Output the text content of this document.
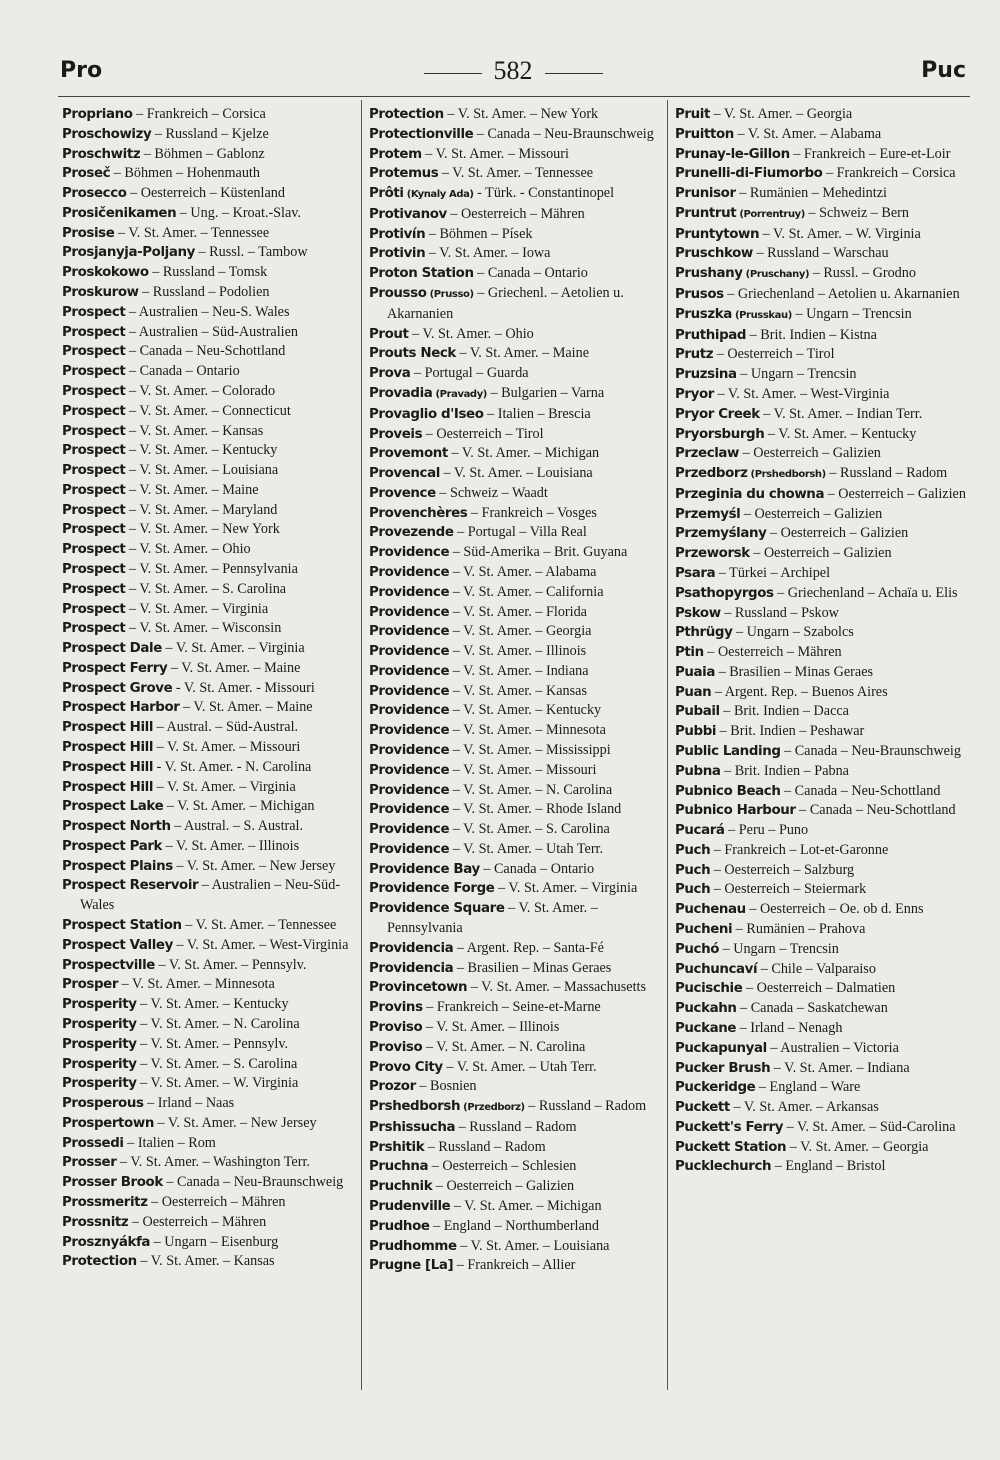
Pro	582	Puc
Propriano – Frankreich – Corsica
Proschowizy – Russland – Kjelze
Proschwitz – Böhmen – Gablonz
Proseč – Böhmen – Hohenmauth
Prosecco – Oesterreich – Küstenland
Prosičenikamen – Ung. – Kroat.-Slav.
Prosise – V. St. Amer. – Tennessee
Prosjanyja-Poljany – Russl. – Tambow
Proskokowo – Russland – Tomsk
Proskurow – Russland – Podolien
Prospect – Australien – Neu-S. Wales
Prospect – Australien – Süd-Australien
Prospect – Canada – Neu-Schottland
Prospect – Canada – Ontario
Prospect – V. St. Amer. – Colorado
Prospect – V. St. Amer. – Connecticut
Prospect – V. St. Amer. – Kansas
Prospect – V. St. Amer. – Kentucky
Prospect – V. St. Amer. – Louisiana
Prospect – V. St. Amer. – Maine
Prospect – V. St. Amer. – Maryland
Prospect – V. St. Amer. – New York
Prospect – V. St. Amer. – Ohio
Prospect – V. St. Amer. – Pennsylvania
Prospect – V. St. Amer. – S. Carolina
Prospect – V. St. Amer. – Virginia
Prospect – V. St. Amer. – Wisconsin
Prospect Dale – V. St. Amer. – Virginia
Prospect Ferry – V. St. Amer. – Maine
Prospect Grove - V. St. Amer. - Missouri
Prospect Harbor – V. St. Amer. – Maine
Prospect Hill – Austral. – Süd-Austral.
Prospect Hill – V. St. Amer. – Missouri
Prospect Hill - V. St. Amer. - N. Carolina
Prospect Hill – V. St. Amer. – Virginia
Prospect Lake – V. St. Amer. – Michigan
Prospect North – Austral. – S. Austral.
Prospect Park – V. St. Amer. – Illinois
Prospect Plains – V. St. Amer. – New Jersey
Prospect Reservoir – Australien – Neu-Süd-Wales
Prospect Station – V. St. Amer. – Tennessee
Prospect Valley – V. St. Amer. – West-Virginia
Prospectville – V. St. Amer. – Pennsylv.
Prosper – V. St. Amer. – Minnesota
Prosperity – V. St. Amer. – Kentucky
Prosperity – V. St. Amer. – N. Carolina
Prosperity – V. St. Amer. – Pennsylv.
Prosperity – V. St. Amer. – S. Carolina
Prosperity – V. St. Amer. – W. Virginia
Prosperous – Irland – Naas
Prospertown – V. St. Amer. – New Jersey
Prossedi – Italien – Rom
Prosser – V. St. Amer. – Washington Terr.
Prosser Brook – Canada – Neu-Braunschweig
Prossmeritz – Oesterreich – Mähren
Prossnitz – Oesterreich – Mähren
Prosznyákfa – Ungarn – Eisenburg
Protection – V. St. Amer. – Kansas
Protection – V. St. Amer. – New York
Protectionville – Canada – Neu-Braunschweig
Protem – V. St. Amer. – Missouri
Protemus – V. St. Amer. – Tennessee
Prôti (Kynaly Ada) - Türk. - Constantinopel
Protivanov – Oesterreich – Mähren
Protivín – Böhmen – Písek
Protivin – V. St. Amer. – Iowa
Proton Station – Canada – Ontario
Prousso (Prusso) – Griechenl. – Aetolien u. Akarnanien
Prout – V. St. Amer. – Ohio
Prouts Neck – V. St. Amer. – Maine
Prova – Portugal – Guarda
Provadia (Pravady) – Bulgarien – Varna
Provaglio d'Iseo – Italien – Brescia
Proveis – Oesterreich – Tirol
Provemont – V. St. Amer. – Michigan
Provencal – V. St. Amer. – Louisiana
Provence – Schweiz – Waadt
Provenchères – Frankreich – Vosges
Provezende – Portugal – Villa Real
Providence – Süd-Amerika – Brit. Guyana
Providence – V. St. Amer. – Alabama
Providence – V. St. Amer. – California
Providence – V. St. Amer. – Florida
Providence – V. St. Amer. – Georgia
Providence – V. St. Amer. – Illinois
Providence – V. St. Amer. – Indiana
Providence – V. St. Amer. – Kansas
Providence – V. St. Amer. – Kentucky
Providence – V. St. Amer. – Minnesota
Providence – V. St. Amer. – Mississippi
Providence – V. St. Amer. – Missouri
Providence – V. St. Amer. – N. Carolina
Providence – V. St. Amer. – Rhode Island
Providence – V. St. Amer. – S. Carolina
Providence – V. St. Amer. – Utah Terr.
Providence Bay – Canada – Ontario
Providence Forge – V. St. Amer. – Virginia
Providence Square – V. St. Amer. – Pennsylvania
Providencia – Argent. Rep. – Santa-Fé
Providencia – Brasilien – Minas Geraes
Provincetown – V. St. Amer. – Massachusetts
Provins – Frankreich – Seine-et-Marne
Proviso – V. St. Amer. – Illinois
Proviso – V. St. Amer. – N. Carolina
Provo City – V. St. Amer. – Utah Terr.
Prozor – Bosnien
Prshedborsh (Przedborz) – Russland – Radom
Prshissucha – Russland – Radom
Prshitik – Russland – Radom
Pruchna – Oesterreich – Schlesien
Pruchnik – Oesterreich – Galizien
Prudenville – V. St. Amer. – Michigan
Prudhoe – England – Northumberland
Prudhomme – V. St. Amer. – Louisiana
Prugne [La] – Frankreich – Allier
Pruit – V. St. Amer. – Georgia
Pruitton – V. St. Amer. – Alabama
Prunay-le-Gillon – Frankreich – Eure-et-Loir
Prunelli-di-Fiumorbo – Frankreich – Corsica
Prunisor – Rumänien – Mehedintzi
Pruntrut (Porrentruy) – Schweiz – Bern
Pruntytown – V. St. Amer. – W. Virginia
Pruschkow – Russland – Warschau
Prushany (Pruschany) – Russl. – Grodno
Prusos – Griechenland – Aetolien u. Akarnanien
Pruszka (Prusskau) – Ungarn – Trencsin
Pruthipad – Brit. Indien – Kistna
Prutz – Oesterreich – Tirol
Pruzsina – Ungarn – Trencsin
Pryor – V. St. Amer. – West-Virginia
Pryor Creek – V. St. Amer. – Indian Terr.
Pryorsburgh – V. St. Amer. – Kentucky
Przeclaw – Oesterreich – Galizien
Przedborz (Prshedborsh) – Russland – Radom
Przeginia du chowna – Oesterreich – Galizien
Przemyśl – Oesterreich – Galizien
Przemyślany – Oesterreich – Galizien
Przeworsk – Oesterreich – Galizien
Psara – Türkei – Archipel
Psathopyrgos – Griechenland – Achaïa u. Elis
Pskow – Russland – Pskow
Pthrügy – Ungarn – Szabolcs
Ptin – Oesterreich – Mähren
Puaia – Brasilien – Minas Geraes
Puan – Argent. Rep. – Buenos Aires
Pubail – Brit. Indien – Dacca
Pubbi – Brit. Indien – Peshawar
Public Landing – Canada – Neu-Braunschweig
Pubna – Brit. Indien – Pabna
Pubnico Beach – Canada – Neu-Schottland
Pubnico Harbour – Canada – Neu-Schottland
Pucará – Peru – Puno
Puch – Frankreich – Lot-et-Garonne
Puch – Oesterreich – Salzburg
Puch – Oesterreich – Steiermark
Puchenau – Oesterreich – Oe. ob d. Enns
Pucheni – Rumänien – Prahova
Puchó – Ungarn – Trencsin
Puchuncaví – Chile – Valparaiso
Pucischie – Oesterreich – Dalmatien
Puckahn – Canada – Saskatchewan
Puckane – Irland – Nenagh
Puckapunyal – Australien – Victoria
Pucker Brush – V. St. Amer. – Indiana
Puckeridge – England – Ware
Puckett – V. St. Amer. – Arkansas
Puckett's Ferry – V. St. Amer. – Süd-Carolina
Puckett Station – V. St. Amer. – Georgia
Pucklechurch – England – Bristol
